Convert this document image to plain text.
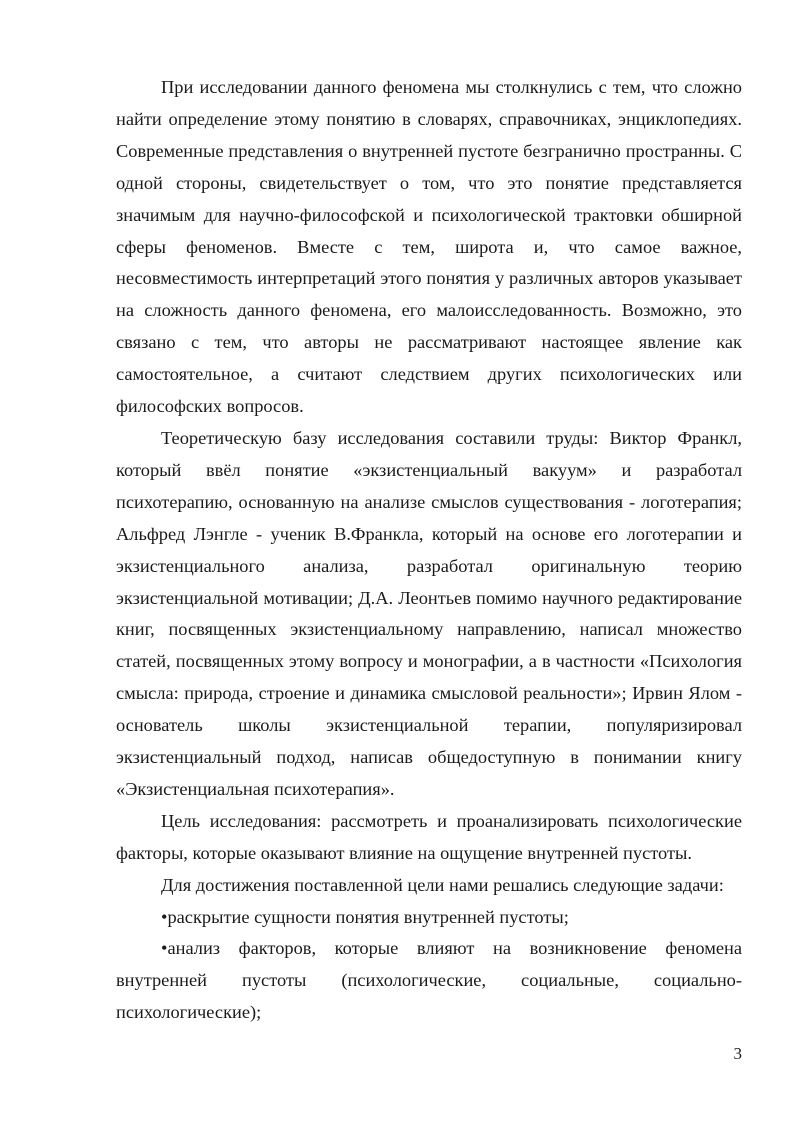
При исследовании данного феномена мы столкнулись с тем, что сложно найти определение этому понятию в словарях, справочниках, энциклопедиях. Современные представления о внутренней пустоте безгранично пространны. С одной стороны, свидетельствует о том, что это понятие представляется значимым для научно-философской и психологической трактовки обширной сферы феноменов. Вместе с тем, широта и, что самое важное, несовместимость интерпретаций этого понятия у различных авторов указывает на сложность данного феномена, его малоисследованность. Возможно, это связано с тем, что авторы не рассматривают настоящее явление как самостоятельное, а считают следствием других психологических или философских вопросов.

Теоретическую базу исследования составили труды: Виктор Франкл, который ввёл понятие «экзистенциальный вакуум» и разработал психотерапию, основанную на анализе смыслов существования - логотерапия; Альфред Лэнгле - ученик В.Франкла, который на основе его логотерапии и экзистенциального анализа, разработал оригинальную теорию экзистенциальной мотивации; Д.А. Леонтьев помимо научного редактирование книг, посвященных экзистенциальному направлению, написал множество статей, посвященных этому вопросу и монографии, а в частности «Психология смысла: природа, строение и динамика смысловой реальности»; Ирвин Ялом - основатель школы экзистенциальной терапии, популяризировал экзистенциальный подход, написав общедоступную в понимании книгу «Экзистенциальная психотерапия».

Цель исследования: рассмотреть и проанализировать психологические факторы, которые оказывают влияние на ощущение внутренней пустоты.

Для достижения поставленной цели нами решались следующие задачи:

•раскрытие сущности понятия внутренней пустоты;

•анализ факторов, которые влияют на возникновение феномена внутренней пустоты (психологические, социальные, социально-психологические);

3
